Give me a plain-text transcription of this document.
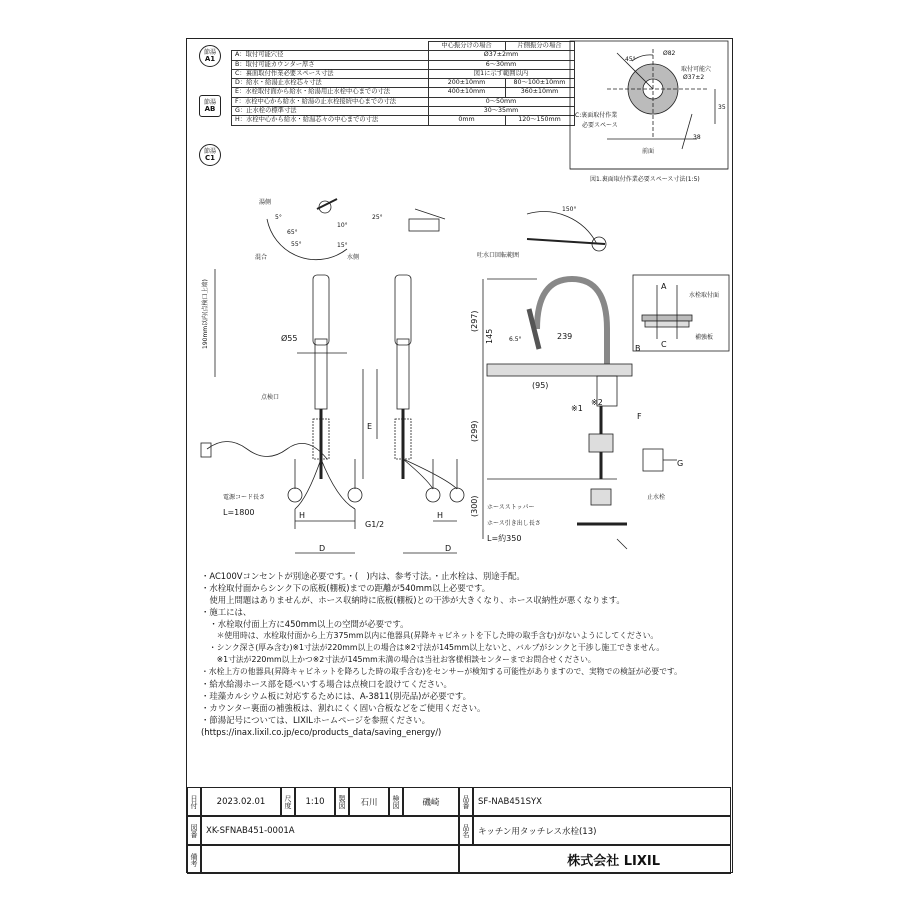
節湯
A1
節湯
AB
節湯
C1
	中心振分けの場合	片側振分の場合
A：取付可能穴径	Ø37±2mm	
B：取付可能カウンター厚さ	6～30mm	
C：裏面取付作業必要スペース寸法	図1に示す範囲以内	
D：給水・給湯止水栓芯々寸法	200±10mm	80～100±10mm
E：水栓取付面から給水・給湯用止水栓中心までの寸法	400±10mm	360±10mm
F：水栓中心から給水・給湯の止水栓接続中心までの寸法	0～50mm	
G：止水栓の標準寸法	30～35mm	
H：水栓中心から給水・給湯芯々の中心までの寸法	0mm	120～150mm
45°
Ø82
取付可能穴
Ø37±2
35
38
C:裏面取付作業
必要スペース
前面
図1.裏面取付作業必要スペース寸法(1:5)
湯側
水側
混合
65°
55°	15°
5°
10°
25°
150°
吐水口回転範囲
190mm以内(点検口上端)	Ø55
点検口
電源コード長さ
L=1800	H
D
G1/2
E
D
H
(297)
145	239
6.5°
(95)
※2
※1
(299)
(300)
F
B
ホースストッパー
ホース引き出し長さ
L=約350
A
C
水栓取付面
補強板
G
止水栓
・AC100Vコンセントが別途必要です。・(　)内は、参考寸法。・止水栓は、別途手配。
・水栓取付面からシンク下の底板(棚板)までの距離が540mm以上必要です。
　使用上問題はありませんが、ホース収納時に底板(棚板)との干渉が大きくなり、ホース収納性が悪くなります。
・施工には、
　・水栓取付面上方に450mm以上の空間が必要です。
　　＊使用時は、水栓取付面から上方375mm以内に他器具(昇降キャビネットを下した時の取手含む)がないようにしてください。
　・シンク深さ(厚み含む)※1寸法が220mm以上の場合は※2寸法が145mm以上ないと、バルブがシンクと干渉し施工できません。
　　※1寸法が220mm以上かつ※2寸法が145mm未満の場合は当社お客様相談センターまでお問合せください。
・水栓上方の他器具(昇降キャビネットを降ろした時の取手含む)をセンサーが検知する可能性がありますので、実物での検証が必要です。
・給水給湯ホース部を隠ぺいする場合は点検口を設けてください。
・珪藻カルシウム板に対応するためには、A-3811(別売品)が必要です。
・カウンター裏面の補強板は、割れにくく固い合板などをご使用ください。
・節湯記号については、LIXILホームページを参照ください。
(https://inax.lixil.co.jp/eco/products_data/saving_energy/)
日付 2023.02.01	尺度 1:10 製図 石川 検図	磯崎	品番 SF-NAB451SYX
図番 XK-SFNAB451-0001A	品名 キッチン用タッチレス水栓(13)
備考	株式会社 LIXIL
